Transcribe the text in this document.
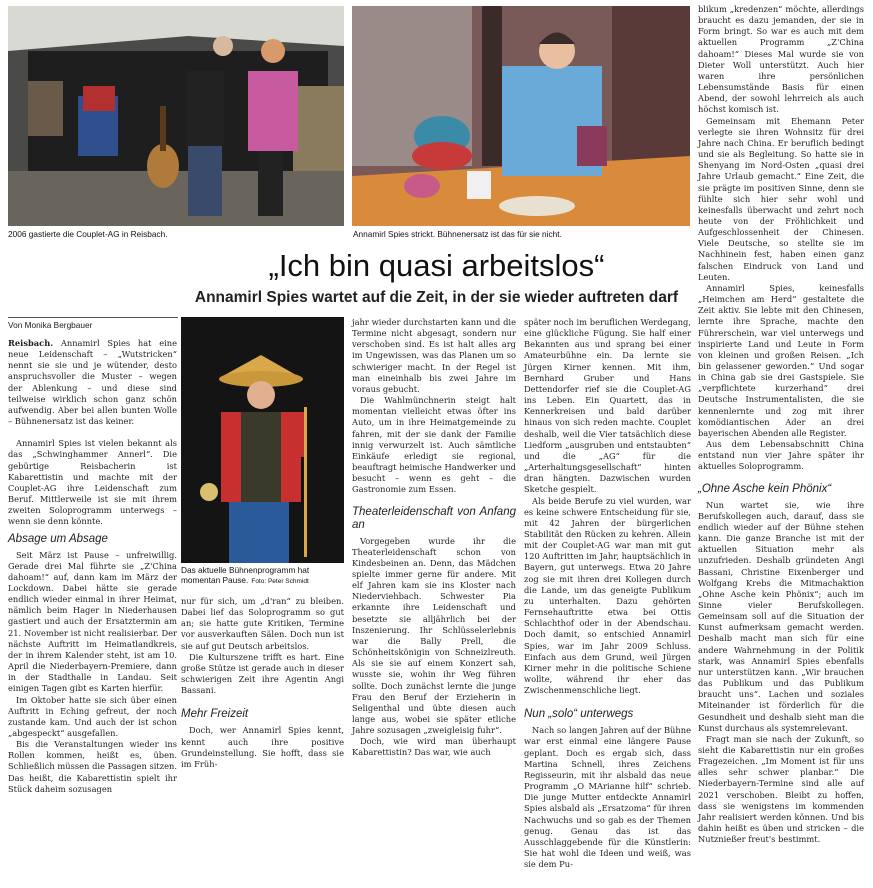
2006 gastierte die Couplet-AG in Reisbach.	Annamirl Spies strickt. Bühnenersatz ist das für sie nicht.
„Ich bin quasi arbeitslos“
Annamirl Spies wartet auf die Zeit, in der sie wieder auftreten darf
Von Monika Bergbauer

Reisbach. Annamirl Spies hat eine neue Leidenschaft – „Wutstricken“ nennt sie sie und je wütender, desto anspruchsvoller die Muster – wegen der Ablenkung – und diese sind teilweise wirklich schon ganz schön aufwendig. Aber bei allen bunten Wolle – Bühnenersatz ist das keiner.

Annamirl Spies ist vielen bekannt als das „Schwinghammer Annerl“. Die gebürtige Reisbacherin ist Kabarettistin und machte mit der Couplet-AG ihre Leidenschaft zum Beruf. Mittlerweile ist sie mit ihrem zweiten Soloprogramm unterwegs – wenn sie denn könnte.

Absage um Absage

Seit März ist Pause – unfreiwillig. Gerade drei Mal führte sie „Z'China dahoam!“ auf, dann kam im März der Lockdown. Dabei hätte sie gerade endlich wieder einmal in ihrer Heimat, nämlich beim Hager in Niederhausen gastiert und auch der Ersatztermin am 21. November ist nicht realisierbar. Der nächste Auftritt im Heimatlandkreis, der in ihrem Kalender steht, ist am 10. April die Niederbayern-Premiere, dann in der Stadthalle in Landau. Seit einigen Tagen gibt es Karten hierfür.

Im Oktober hatte sie sich über einen Auftritt in Eching gefreut, der noch zustande kam. Und auch der ist schon „abgespeckt“ ausgefallen.

Bis die Veranstaltungen wieder ins Rollen kommen, heißt es, üben. Schließlich müssen die Passagen sitzen. Das heißt, die Kabarettistin spielt ihr Stück daheim sozusagen

Das aktuelle Bühnenprogramm hat
momentan Pause. Foto: Peter Schmidt

nur für sich, um „d'ran“ zu bleiben. Dabei lief das Soloprogramm so gut an; sie hatte gute Kritiken, Termine vor ausverkauften Sälen. Doch nun ist sie auf gut Deutsch arbeitslos.

Die Kulturszene trifft es hart. Eine große Stütze ist gerade auch in dieser schwierigen Zeit ihre Agentin Angi Bassani.

Mehr Freizeit

Doch, wer Annamirl Spies kennt, kennt auch ihre positive Grundeinstellung. Sie hofft, dass sie im Früh-

jahr wieder durchstarten kann und die Termine nicht abgesagt, sondern nur verschoben sind. Es ist halt alles arg im Ungewissen, was das Planen um so schwieriger macht. In der Regel ist man eineinhalb bis zwei Jahre im voraus gebucht.

Die Wahlmünchnerin steigt halt momentan vielleicht etwas öfter ins Auto, um in ihre Heimatgemeinde zu fahren, mit der sie dank der Familie innig verwurzelt ist. Auch sämtliche Einkäufe erledigt sie regional, beauftragt heimische Handwerker und besucht – wenn es geht – die Gastronomie zum Essen.

Theaterleidenschaft von Anfang an

Vorgegeben wurde ihr die Theaterleidenschaft schon von Kindesbeinen an. Denn, das Mädchen spielte immer gerne für andere. Mit elf Jahren kam sie ins Kloster nach Niederviehbach. Schwester Pia erkannte ihre Leidenschaft und besetzte sie alljährlich bei der Inszenierung. Ihr Schlüsselerlebnis war die Bally Prell, die Schönheitskönigin von Schneizlreuth. Als sie sie auf einem Konzert sah, wusste sie, wohin ihr Weg führen sollte. Doch zunächst lernte die junge Frau den Beruf der Erzieherin in Seligenthal und übte diesen auch lange aus, wobei sie später etliche Jahre sozusagen „zweigleisig fuhr“.

Doch, wie wird man überhaupt Kabarettistin? Das war, wie auch

später noch im beruflichen Werdegang, eine glückliche Fügung. Sie half einer Bekannten aus und sprang bei einer Amateurbühne ein. Da lernte sie Jürgen Kirner kennen. Mit ihm, Bernhard Gruber und Hans Dettendorfer rief sie die Couplet-AG ins Leben. Ein Quartett, das in Kennerkreisen und bald darüber hinaus von sich reden machte. Couplet deshalb, weil die Vier tatsächlich diese Liedform „ausgruben und entstaubten“ und die „AG“ für die „Arterhaltungsgesellschaft“ hinten dran hängten. Dazwischen wurden Sketche gespielt.

Als beide Berufe zu viel wurden, war es keine schwere Entscheidung für sie, mit 42 Jahren der bürgerlichen Stabilität den Rücken zu kehren. Allein mit der Couplet-AG war man mit gut 120 Auftritten im Jahr, hauptsächlich in Bayern, gut unterwegs. Etwa 20 Jahre zog sie mit ihren drei Kollegen durch die Lande, um das geneigte Publikum zu unterhalten. Dazu gehörten Fernsehauftritte etwa bei Ottis Schlachthof oder in der Abendschau. Doch damit, so entschied Annamirl Spies, war im Jahr 2009 Schluss. Einfach aus dem Grund, weil Jürgen Kirner mehr in die politische Schiene wollte, während ihr eher das Zwischenmenschliche liegt.

Nun „solo“ unterwegs

Nach so langen Jahren auf der Bühne war erst einmal eine längere Pause geplant. Doch es ergab sich, dass Martina Schnell, ihres Zeichens Regisseurin, mit ihr alsbald das neue Programm „O MArianne hilf“ schrieb. Die junge Mutter entdeckte Annamirl Spies alsbald als „Ersatzoma“ für ihren Nachwuchs und so gab es der Themen genug. Genau das ist das Ausschlaggebende für die Künstlerin: Sie hat wohl die Ideen und weiß, was sie dem Pu-

blikum „kredenzen“ möchte, allerdings braucht es dazu jemanden, der sie in Form bringt. So war es auch mit dem aktuellen Programm „Z'China dahoam!“ Dieses Mal wurde sie von Dieter Woll unterstützt. Auch hier waren ihre persönlichen Lebensumstände Basis für einen Abend, der sowohl lehrreich als auch höchst komisch ist.

Gemeinsam mit Ehemann Peter verlegte sie ihren Wohnsitz für drei Jahre nach China. Er beruflich bedingt und sie als Begleitung. So hatte sie in Shenyang im Nord-Osten „quasi drei Jahre Urlaub gemacht.“ Eine Zeit, die sie prägte im positiven Sinne, denn sie fühlte sich hier sehr wohl und keinesfalls überwacht und zehrt noch heute von der Fröhlichkeit und Aufgeschlossenheit der Chinesen. Viele Deutsche, so stellte sie im Nachhinein fest, haben einen ganz falschen Eindruck von Land und Leuten.

Annamirl Spies, keinesfalls „Heimchen am Herd“ gestaltete die Zeit aktiv. Sie lebte mit den Chinesen, lernte ihre Sprache, machte den Führerschein, war viel unterwegs und inspirierte Land und Leute in Form von kleinen und großen Reisen. „Ich bin gelassener geworden.“ Und sogar in China gab sie drei Gastspiele. Sie „verpflichtete kurzerhand“ drei Deutsche Instrumentalisten, die sie kennenlernte und zog mit ihrer komödiantischen Ader an drei bayerischen Abenden alle Register.

Aus dem Lebensabschnitt China entstand nun vier Jahre später ihr aktuelles Soloprogramm.

„Ohne Asche kein Phönix“

Nun wartet sie, wie ihre Berufskollegen auch, darauf, dass sie endlich wieder auf der Bühne stehen kann. Die ganze Branche ist mit der aktuellen Situation mehr als unzufrieden. Deshalb gründeten Angi Bassani, Christine Eixenberger und Wolfgang Krebs die Mitmachaktion „Ohne Asche kein Phönix“; auch im Sinne vieler Berufskollegen. Gemeinsam soll auf die Situation der Kunst aufmerksam gemacht werden. Deshalb macht man sich für eine andere Wahrnehmung in der Politik stark, was Annamirl Spies ebenfalls nur unterstützen kann. „Wir brauchen das Publikum und das Publikum braucht uns“. Lachen und soziales Miteinander ist förderlich für die Gesundheit und deshalb sieht man die Kunst durchaus als systemrelevant.

Fragt man sie nach der Zukunft, so sieht die Kabarettistin nur ein großes Fragezeichen. „Im Moment ist für uns alles sehr schwer planbar.“ Die Niederbayern-Termine sind alle auf 2021 verschoben. Bleibt zu hoffen, dass sie wenigstens im kommenden Jahr realisiert werden können. Und bis dahin heißt es üben und stricken – die Nutznießer freut's bestimmt.
